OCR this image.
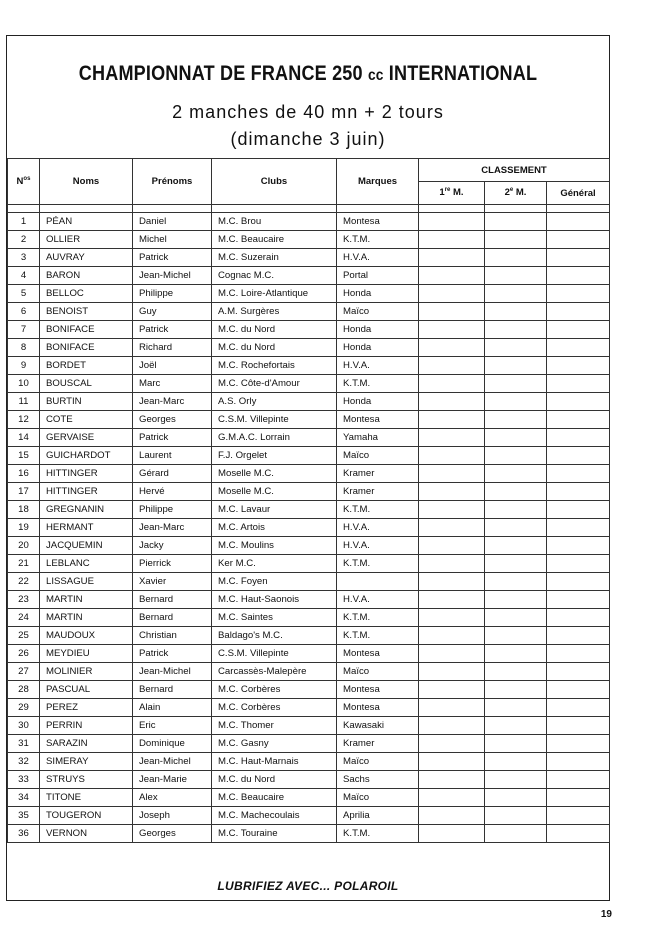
CHAMPIONNAT DE FRANCE 250 cc INTERNATIONAL
2 manches de 40 mn + 2 tours
(dimanche 3 juin)
$N^{os}$	Noms	Prénoms	Clubs	Marques	CLASSEMENT		
					1re M.	2e M.	Général

1	PÉAN	Daniel	M.C. Brou	Montesa			
2	OLLIER	Michel	M.C. Beaucaire	K.T.M.			
3	AUVRAY	Patrick	M.C. Suzerain	H.V.A.			
4	BARON	Jean-Michel	Cognac M.C.	Portal			
5	BELLOC	Philippe	M.C. Loire-Atlantique	Honda			
6	BENOIST	Guy	A.M. Surgères	Maïco			
7	BONIFACE	Patrick	M.C. du Nord	Honda			
8	BONIFACE	Richard	M.C. du Nord	Honda			
9	BORDET	Joël	M.C. Rochefortais	H.V.A.			
10	BOUSCAL	Marc	M.C. Côte-d'Amour	K.T.M.			
11	BURTIN	Jean-Marc	A.S. Orly	Honda			
12	COTE	Georges	C.S.M. Villepinte	Montesa			
14	GERVAISE	Patrick	G.M.A.C. Lorrain	Yamaha			
15	GUICHARDOT	Laurent	F.J. Orgelet	Maïco			
16	HITTINGER	Gérard	Moselle M.C.	Kramer			
17	HITTINGER	Hervé	Moselle M.C.	Kramer			
18	GREGNANIN	Philippe	M.C. Lavaur	K.T.M.			
19	HERMANT	Jean-Marc	M.C. Artois	H.V.A.			
20	JACQUEMIN	Jacky	M.C. Moulins	H.V.A.			
21	LEBLANC	Pierrick	Ker M.C.	K.T.M.			
22	LISSAGUE	Xavier	M.C. Foyen				
23	MARTIN	Bernard	M.C. Haut-Saonois	H.V.A.			
24	MARTIN	Bernard	M.C. Saintes	K.T.M.			
25	MAUDOUX	Christian	Baldago's M.C.	K.T.M.			
26	MEYDIEU	Patrick	C.S.M. Villepinte	Montesa			
27	MOLINIER	Jean-Michel	Carcassès-Malepère	Maïco			
28	PASCUAL	Bernard	M.C. Corbères	Montesa			
29	PEREZ	Alain	M.C. Corbères	Montesa			
30	PERRIN	Eric	M.C. Thomer	Kawasaki			
31	SARAZIN	Dominique	M.C. Gasny	Kramer			
32	SIMERAY	Jean-Michel	M.C. Haut-Marnais	Maïco			
33	STRUYS	Jean-Marie	M.C. du Nord	Sachs			
34	TITONE	Alex	M.C. Beaucaire	Maïco			
35	TOUGERON	Joseph	M.C. Machecoulais	Aprilia			
36	VERNON	Georges	M.C. Touraine	K.T.M.			
LUBRIFIEZ AVEC... POLAROIL
19
